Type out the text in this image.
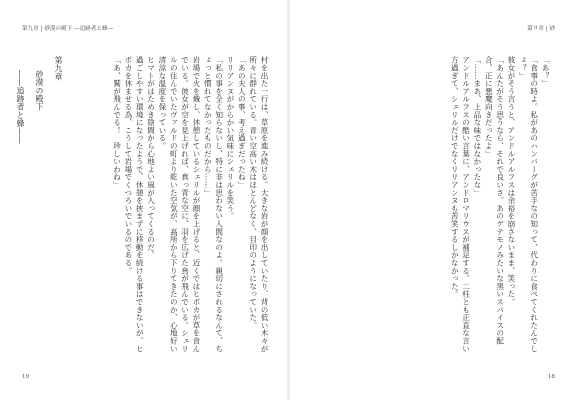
第九章 | 砂漠の殿下 ―追跡者と蜂―

村を出た一行は、草原を進み続ける。大きな岩が顔を出していたり、背の低い木々が所々に群れている。青い空高い木はほとんどなく、目印のようになっていた。

「あの夫人の事、考え過ぎだったね」

リリアンヌがからかい気味にシェリルを笑う。

「私の事を全く知らないし、特に非は思わない人間なのよ。親切にされるなんて、ちょっと慣れてなかったものだから……」

岩場で火を熾し、休憩しているシェリルが顔を上げると、近くではヒポカが草を食んでいる。彼女が空を見上げれば、真っ青な空に、羽を広げた鳥が飛んでいる。シェリルの住んでいたヴァルドの町より乾いた空気が、高所から下りてきたのか、心地好い清涼な温度を保っている。

ヒマトがはためき陰間から心地よい風が入ってくるのだ。

過ごしやすい環境になったようで、休憩を挟まずに移動を続ける事はできないが、ヒポカを休ませる為、こうして岩場でくつろいでいるのである。

「あ、鷲が飛んでる！　珍しいわね」

第九章
砂漠の殿下
――追跡者と蜂――
19
第９章 | 砂

「あ？」

「食事の時よ。私があのハンバーグが苦手なの知って、代わりに食べてくれたんでしょ？」

彼女がそう言うと、アンドルアルフスは余裕を崩さないまま、笑った。

「あんたがそう思うなら、それで良いさ。あのゲテモノみたいな黒いスパイスの配合、正に悪魔向きだったよ」

「……まあ、上品な味ではなかったな」

アンドルアルフスの酷い言葉に、アンドロマリウスが補足する。二柱とも正直な言い方過ぎて、シェリルだけでなくリリアンヌも苦笑するしかなかった。

18
